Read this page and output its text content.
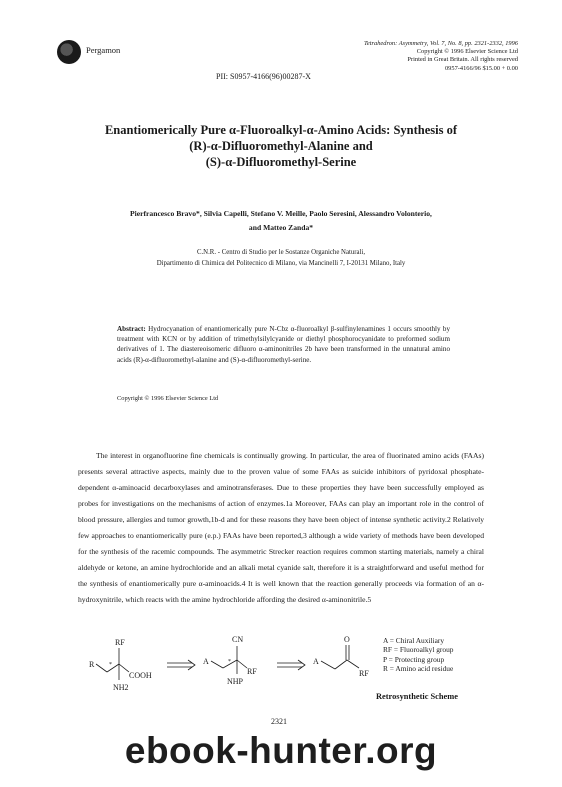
Pergamon
Tetrahedron: Asymmetry, Vol. 7, No. 8, pp. 2321-2332, 1996
Copyright © 1996 Elsevier Science Ltd
Printed in Great Britain. All rights reserved
0957-4166/96 $15.00 + 0.00
PII: S0957-4166(96)00287-X
Enantiomerically Pure α-Fluoroalkyl-α-Amino Acids: Synthesis of
(R)-α-Difluoromethyl-Alanine and
(S)-α-Difluoromethyl-Serine
Pierfrancesco Bravo*, Silvia Capelli, Stefano V. Meille, Paolo Seresini, Alessandro Volonterio,
and Matteo Zanda*
C.N.R. - Centro di Studio per le Sostanze Organiche Naturali,
Dipartimento di Chimica del Politecnico di Milano, via Mancinelli 7, I-20131 Milano, Italy
Abstract: Hydrocyanation of enantiomerically pure N-Cbz α-fluoroalkyl β-sulfinylenamines 1 occurs smoothly by treatment with KCN or by addition of trimethylsilylcyanide or diethyl phosphorocyanidate to preformed sodium derivatives of 1. The diastereoisomeric difluoro α-aminonitriles 2b have been transformed in the unnatural amino acids (R)-α-difluoromethyl-alanine and (S)-α-difluoromethyl-serine.
Copyright © 1996 Elsevier Science Ltd

The interest in organofluorine fine chemicals is continually growing. In particular, the area of fluorinated amino acids (FAAs) presents several attractive aspects, mainly due to the proven value of some FAAs as suicide inhibitors of pyridoxal phosphate-dependent α-aminoacid decarboxylases and aminotransferases. Due to these properties they have been successfully employed as probes for investigations on the mechanisms of action of enzymes.1a Moreover, FAAs can play an important role in the control of blood pressure, allergies and tumor growth,1b-d and for these reasons they have been object of intense synthetic activity.2 Relatively few approaches to enantiomerically pure (e.p.) FAAs have been reported,3 although a wide variety of methods have been developed for the synthesis of the racemic compounds. The asymmetric Strecker reaction requires common starting materials, namely a chiral aldehyde or ketone, an amine hydrochloride and an alkali metal cyanide salt, therefore it is a straightforward and useful method for the synthesis of enantiomerically pure α-aminoacids.4 It is well known that the reaction generally proceeds via formation of an α-hydroxynitrile, which reacts with the amine hydrochloride affording the desired α-aminonitrile.5

R *
RF
COOH
NH2
A	*
CN
RF
NHP
A
O
RF
A = Chiral Auxiliary
RF = Fluoroalkyl group
P = Protecting group
R = Amino acid residue
Retrosynthetic Scheme
2321
ebook-hunter.org
